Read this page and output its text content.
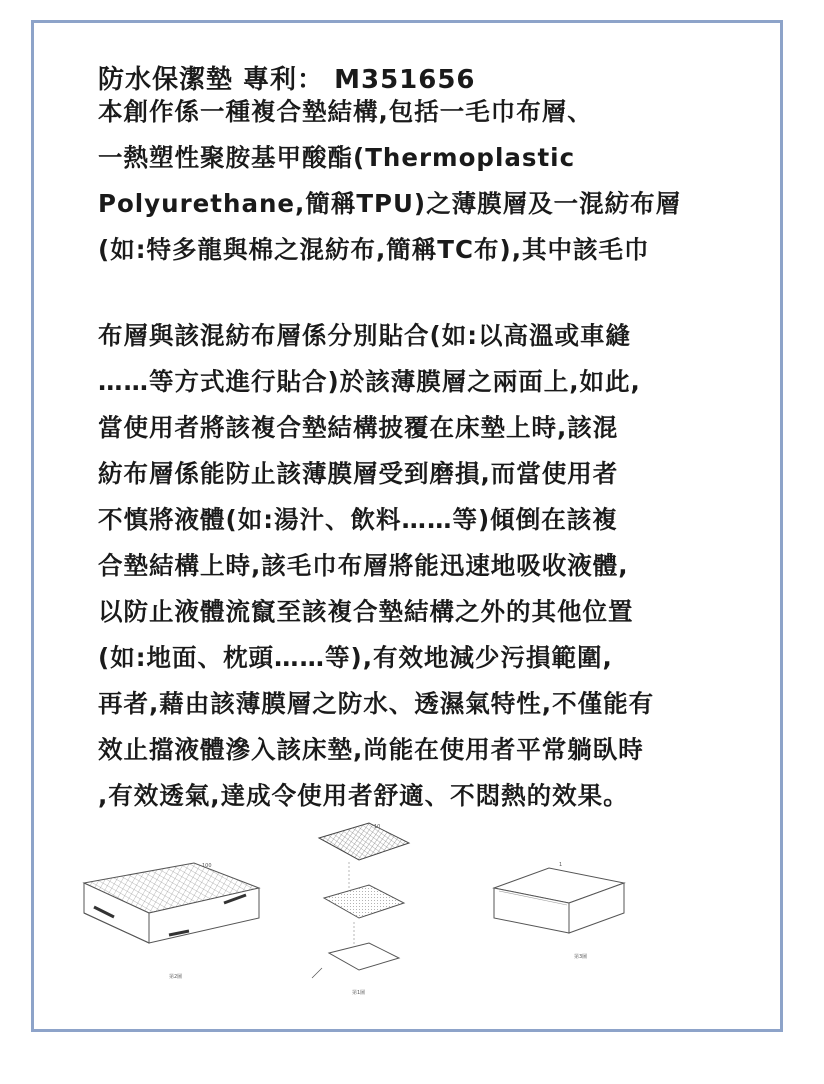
防水保潔墊 專利： M351656

本創作係一種複合墊結構,包括一毛巾布層、
一熱塑性聚胺基甲酸酯(Thermoplastic
Polyurethane,簡稱TPU)之薄膜層及一混紡布層
(如:特多龍與棉之混紡布,簡稱TC布),其中該毛巾

布層與該混紡布層係分別貼合(如:以高溫或車縫
……等方式進行貼合)於該薄膜層之兩面上,如此,
當使用者將該複合墊結構披覆在床墊上時,該混
紡布層係能防止該薄膜層受到磨損,而當使用者
不慎將液體(如:湯汁、飲料……等)傾倒在該複
合墊結構上時,該毛巾布層將能迅速地吸收液體,
以防止液體流竄至該複合墊結構之外的其他位置
(如:地面、枕頭……等),有效地減少污損範圍,
再者,藉由該薄膜層之防水、透濕氣特性,不僅能有
效止擋液體滲入該床墊,尚能在使用者平常躺臥時
,有效透氣,達成令使用者舒適、不悶熱的效果。

100
第2圖
10
第1圖
1
第3圖
